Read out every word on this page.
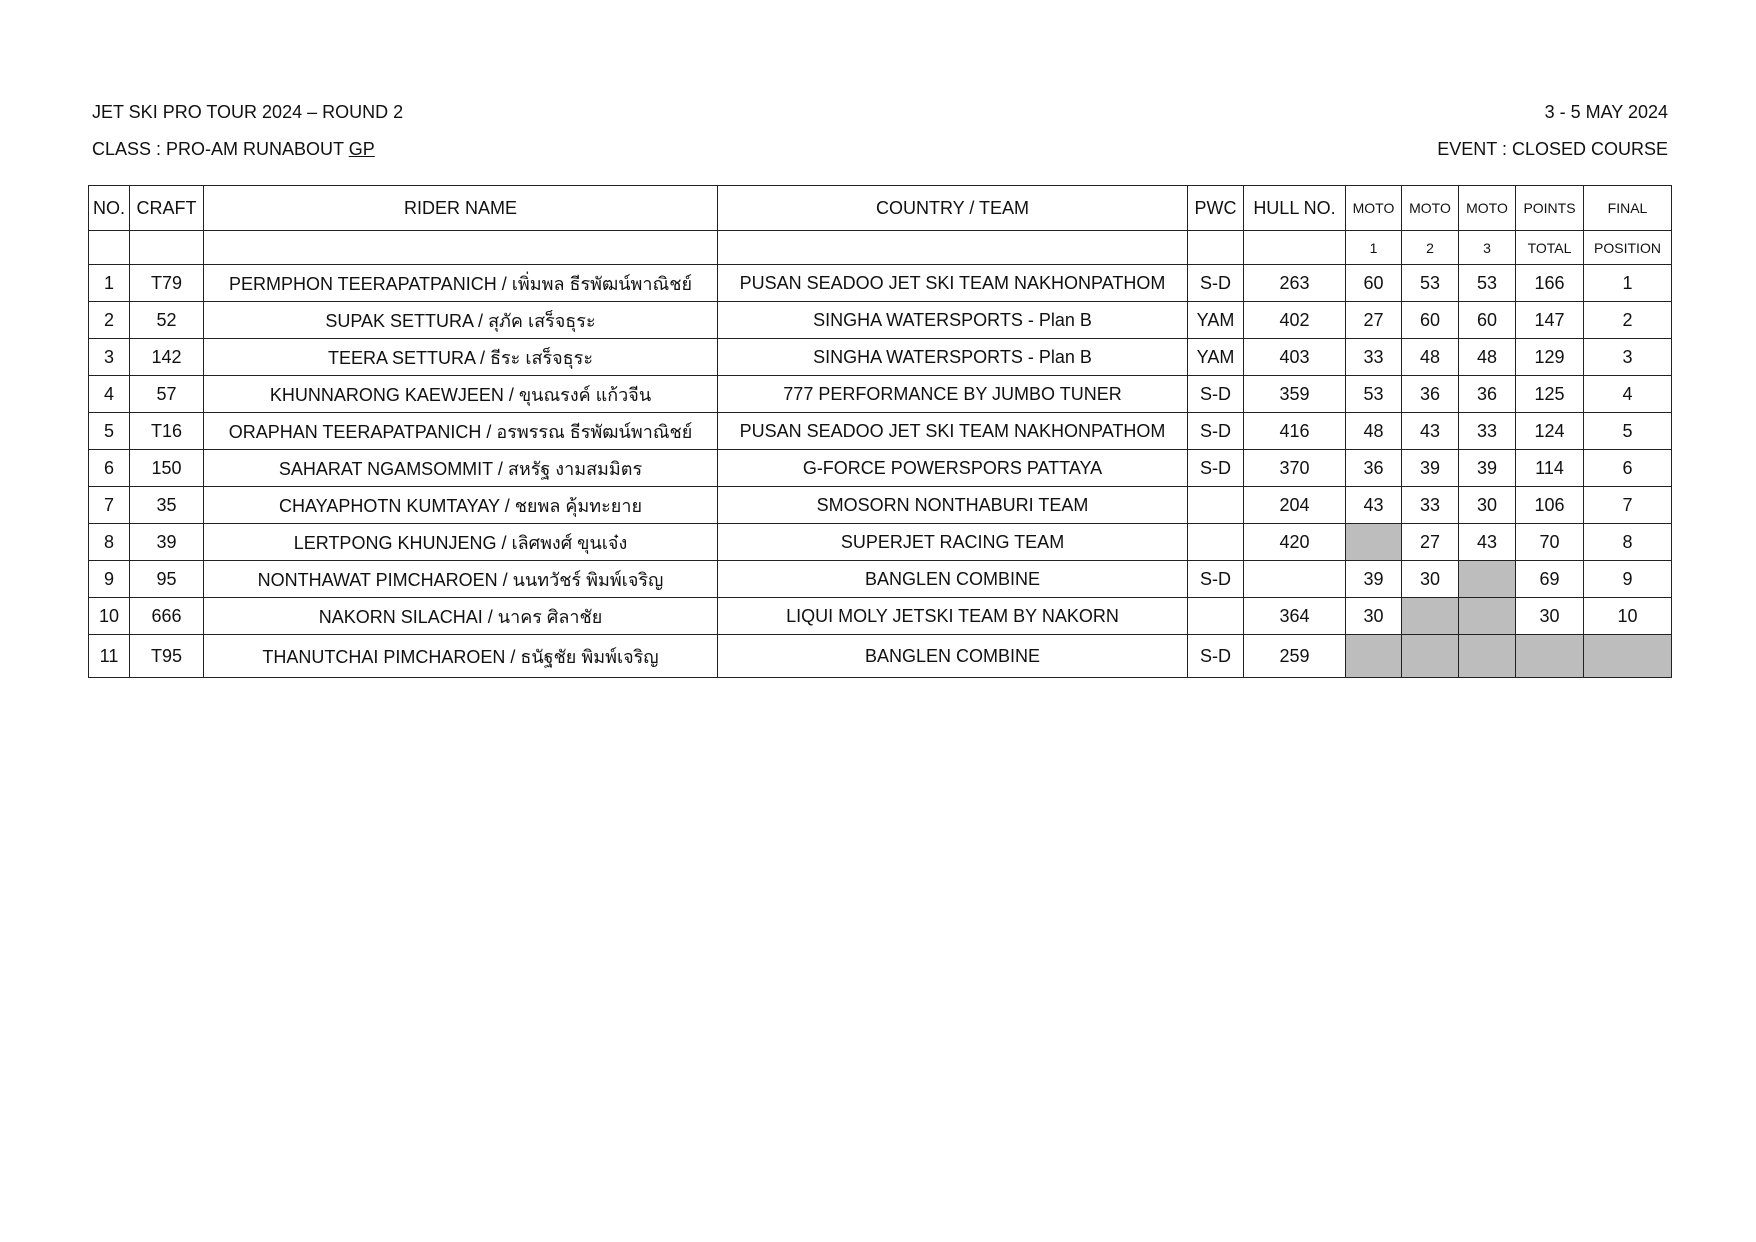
JET SKI PRO TOUR 2024 – ROUND 2	3 - 5 MAY 2024
CLASS : PRO-AM RUNABOUT GP	EVENT : CLOSED COURSE
NO.	CRAFT	RIDER NAME	COUNTRY / TEAM	PWC	HULL NO.	MOTO	MOTO	MOTO	POINTS	FINAL
						1	2	3	TOTAL	POSITION
1	T79	PERMPHON TEERAPATPANICH / เพิ่มพล ธีรพัฒน์พาณิชย์	PUSAN SEADOO JET SKI TEAM NAKHONPATHOM	S-D	263	60	53	53	166	1
2	52	SUPAK SETTURA / สุภัค เสร็จธุระ	SINGHA WATERSPORTS - Plan B	YAM	402	27	60	60	147	2
3	142	TEERA SETTURA / ธีระ เสร็จธุระ	SINGHA WATERSPORTS - Plan B	YAM	403	33	48	48	129	3
4	57	KHUNNARONG KAEWJEEN / ขุนณรงค์ แก้วจีน	777 PERFORMANCE BY JUMBO TUNER	S-D	359	53	36	36	125	4
5	T16	ORAPHAN TEERAPATPANICH / อรพรรณ ธีรพัฒน์พาณิชย์	PUSAN SEADOO JET SKI TEAM NAKHONPATHOM	S-D	416	48	43	33	124	5
6	150	SAHARAT NGAMSOMMIT / สหรัฐ งามสมมิตร	G-FORCE POWERSPORS PATTAYA	S-D	370	36	39	39	114	6
7	35	CHAYAPHOTN KUMTAYAY / ชยพล คุ้มทะยาย	SMOSORN NONTHABURI TEAM		204	43	33	30	106	7
8	39	LERTPONG KHUNJENG / เลิศพงศ์ ขุนเจ๋ง	SUPERJET RACING TEAM		420		27	43	70	8
9	95	NONTHAWAT PIMCHAROEN / นนทวัชร์ พิมพ์เจริญ	BANGLEN COMBINE	S-D		39	30		69	9
10	666	NAKORN SILACHAI / นาคร ศิลาชัย	LIQUI MOLY JETSKI TEAM BY NAKORN		364	30			30	10
11	T95	THANUTCHAI PIMCHAROEN / ธนัฐชัย พิมพ์เจริญ	BANGLEN COMBINE	S-D	259					
